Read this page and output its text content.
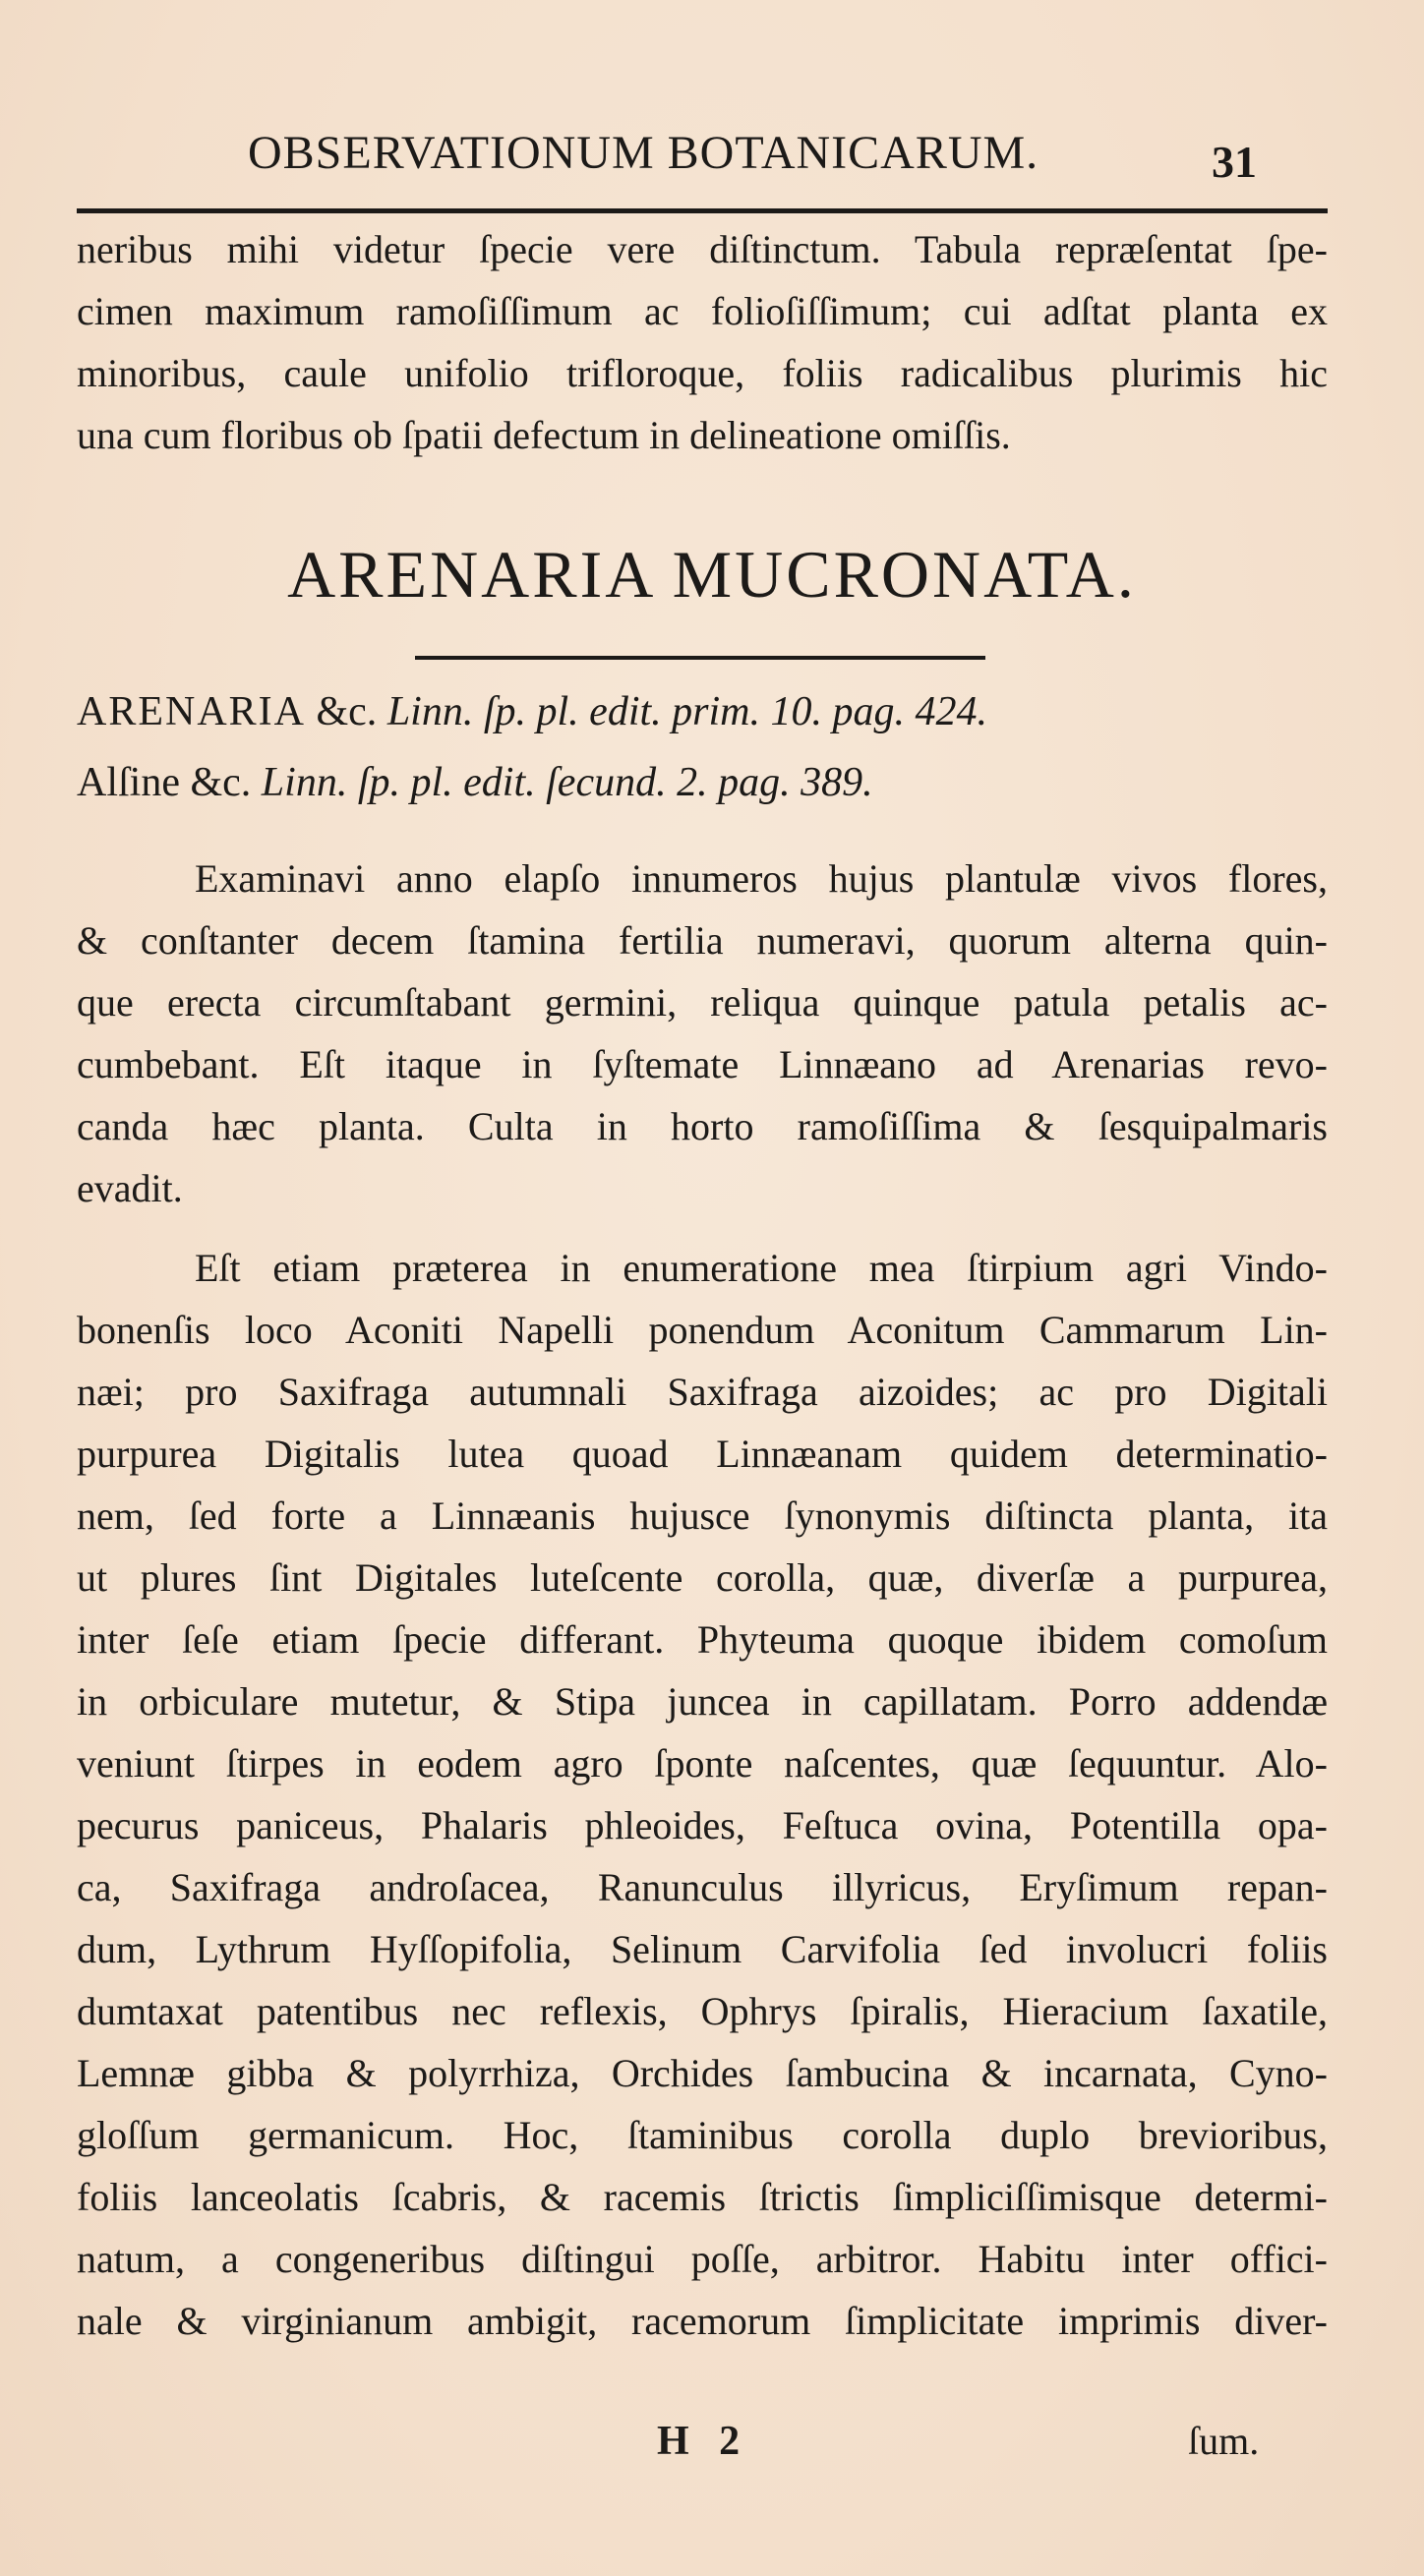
OBSERVATIONUM BOTANICARUM.	31
neribus mihi videtur ſpecie vere diſtinctum. Tabula repræſentat ſpe-
cimen maximum ramoſiſſimum ac folioſiſſimum; cui adſtat planta ex
minoribus, caule unifolio trifloroque, foliis radicalibus plurimis hic
una cum floribus ob ſpatii defectum in delineatione omiſſis.
ARENARIA MUCRONATA.
ARENARIA &c. Linn. ſp. pl. edit. prim. 10. pag. 424.
Alſine &c. Linn. ſp. pl. edit. ſecund. 2. pag. 389.
Examinavi anno elapſo innumeros hujus plantulæ vivos flores,
& conſtanter decem ſtamina fertilia numeravi, quorum alterna quin-
que erecta circumſtabant germini, reliqua quinque patula petalis ac-
cumbebant. Eſt itaque in ſyſtemate Linnæano ad Arenarias revo-
canda hæc planta. Culta in horto ramoſiſſima & ſesquipalmaris
evadit.
Eſt etiam præterea in enumeratione mea ſtirpium agri Vindo-
bonenſis loco Aconiti Napelli ponendum Aconitum Cammarum Lin-
næi; pro Saxifraga autumnali Saxifraga aizoides; ac pro Digitali
purpurea Digitalis lutea quoad Linnæanam quidem determinatio-
nem, ſed forte a Linnæanis hujusce ſynonymis diſtincta planta, ita
ut plures ſint Digitales luteſcente corolla, quæ, diverſæ a purpurea,
inter ſeſe etiam ſpecie differant. Phyteuma quoque ibidem comoſum
in orbiculare mutetur, & Stipa juncea in capillatam. Porro addendæ
veniunt ſtirpes in eodem agro ſponte naſcentes, quæ ſequuntur. Alo-
pecurus paniceus, Phalaris phleoides, Feſtuca ovina, Potentilla opa-
ca, Saxifraga androſacea, Ranunculus illyricus, Eryſimum repan-
dum, Lythrum Hyſſopifolia, Selinum Carvifolia ſed involucri foliis
dumtaxat patentibus nec reflexis, Ophrys ſpiralis, Hieracium ſaxatile,
Lemnæ gibba & polyrrhiza, Orchides ſambucina & incarnata, Cyno-
gloſſum germanicum. Hoc, ſtaminibus corolla duplo brevioribus,
foliis lanceolatis ſcabris, & racemis ſtrictis ſimpliciſſimisque determi-
natum, a congeneribus diſtingui poſſe, arbitror. Habitu inter offici-
nale & virginianum ambigit, racemorum ſimplicitate imprimis diver-
H 2	ſum.
